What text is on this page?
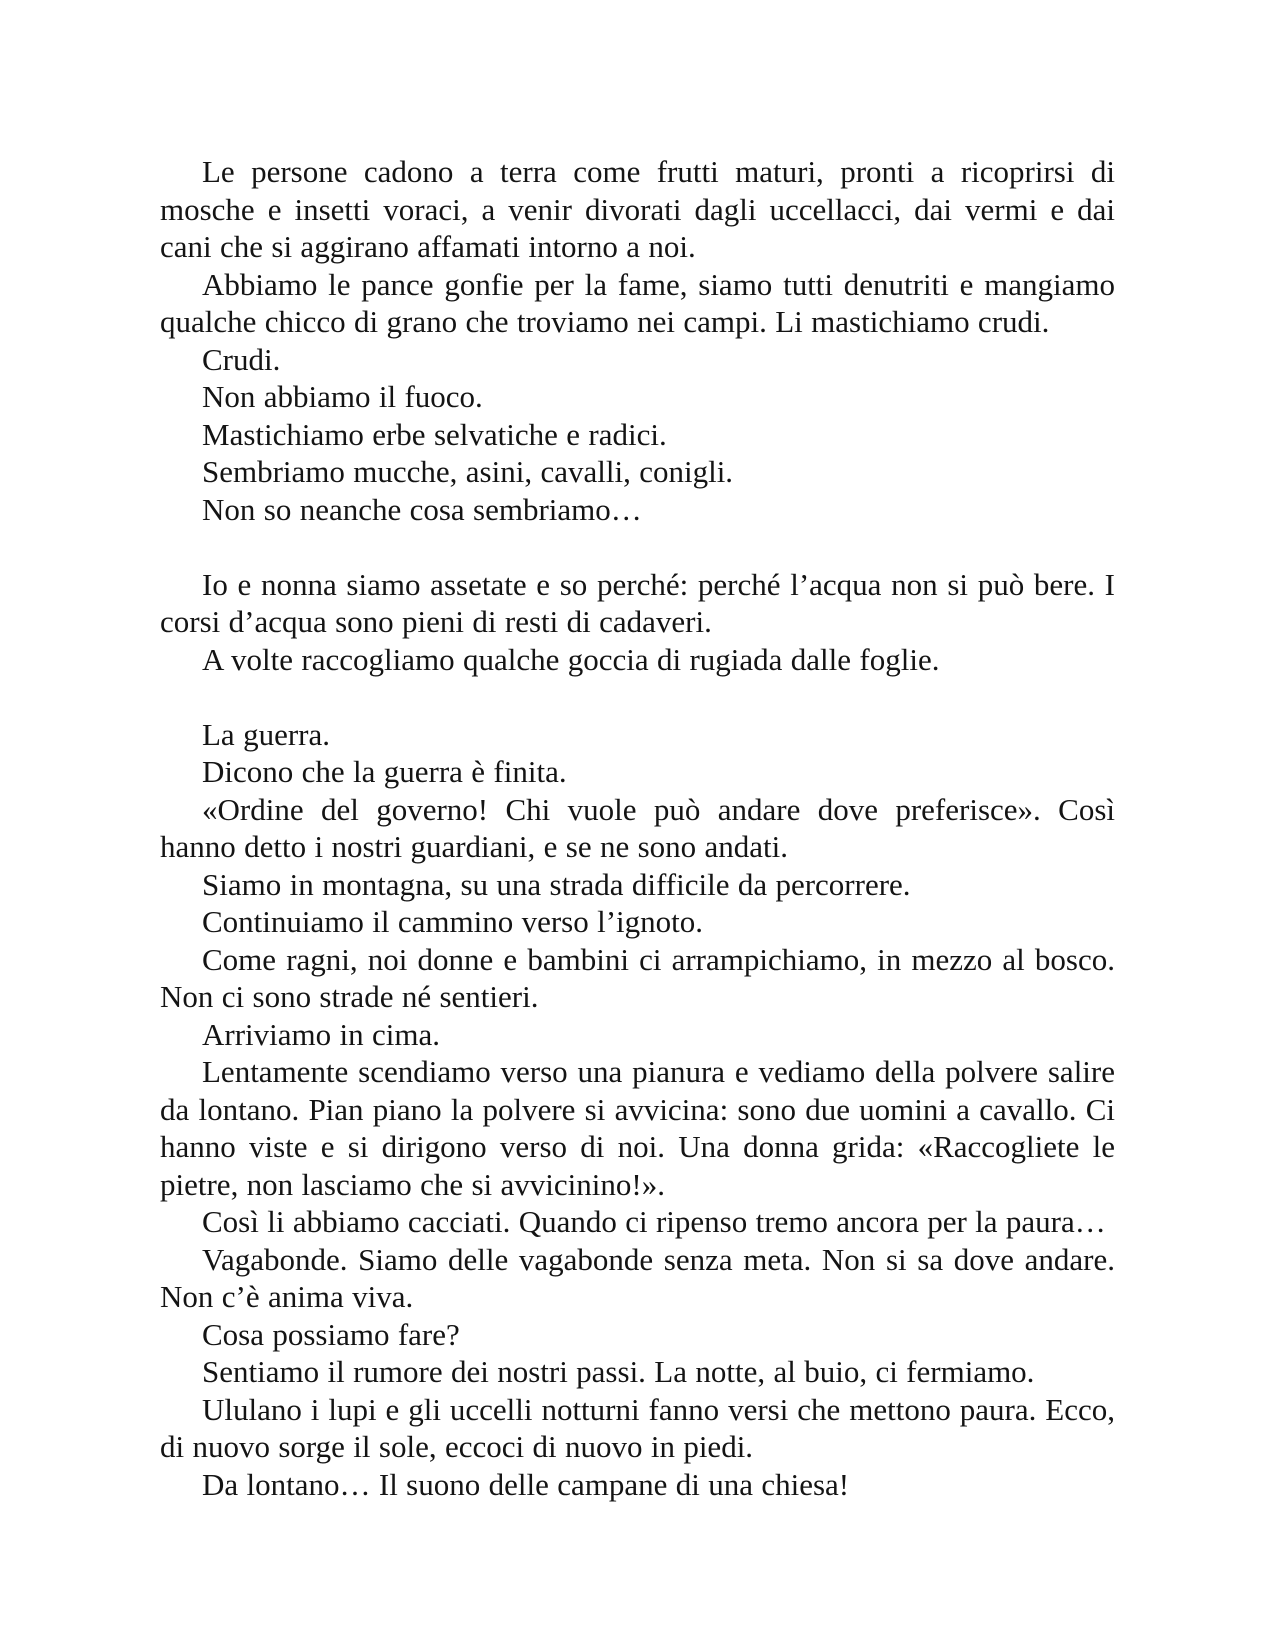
Le persone cadono a terra come frutti maturi, pronti a ricoprirsi di mosche e insetti voraci, a venir divorati dagli uccellacci, dai vermi e dai cani che si aggirano affamati intorno a noi.

Abbiamo le pance gonfie per la fame, siamo tutti denutriti e mangiamo qualche chicco di grano che troviamo nei campi. Li mastichiamo crudi.

Crudi.

Non abbiamo il fuoco.

Mastichiamo erbe selvatiche e radici.

Sembriamo mucche, asini, cavalli, conigli.

Non so neanche cosa sembriamo…

Io e nonna siamo assetate e so perché: perché l’acqua non si può bere. I corsi d’acqua sono pieni di resti di cadaveri.

A volte raccogliamo qualche goccia di rugiada dalle foglie.

La guerra.

Dicono che la guerra è finita.

«Ordine del governo! Chi vuole può andare dove preferisce». Così hanno detto i nostri guardiani, e se ne sono andati.

Siamo in montagna, su una strada difficile da percorrere.

Continuiamo il cammino verso l’ignoto.

Come ragni, noi donne e bambini ci arrampichiamo, in mezzo al bosco. Non ci sono strade né sentieri.

Arriviamo in cima.

Lentamente scendiamo verso una pianura e vediamo della polvere salire da lontano. Pian piano la polvere si avvicina: sono due uomini a cavallo. Ci hanno viste e si dirigono verso di noi. Una donna grida: «Raccogliete le pietre, non lasciamo che si avvicinino!».

Così li abbiamo cacciati. Quando ci ripenso tremo ancora per la paura…

Vagabonde. Siamo delle vagabonde senza meta. Non si sa dove andare. Non c’è anima viva.

Cosa possiamo fare?

Sentiamo il rumore dei nostri passi. La notte, al buio, ci fermiamo.

Ululano i lupi e gli uccelli notturni fanno versi che mettono paura. Ecco, di nuovo sorge il sole, eccoci di nuovo in piedi.

Da lontano… Il suono delle campane di una chiesa!
